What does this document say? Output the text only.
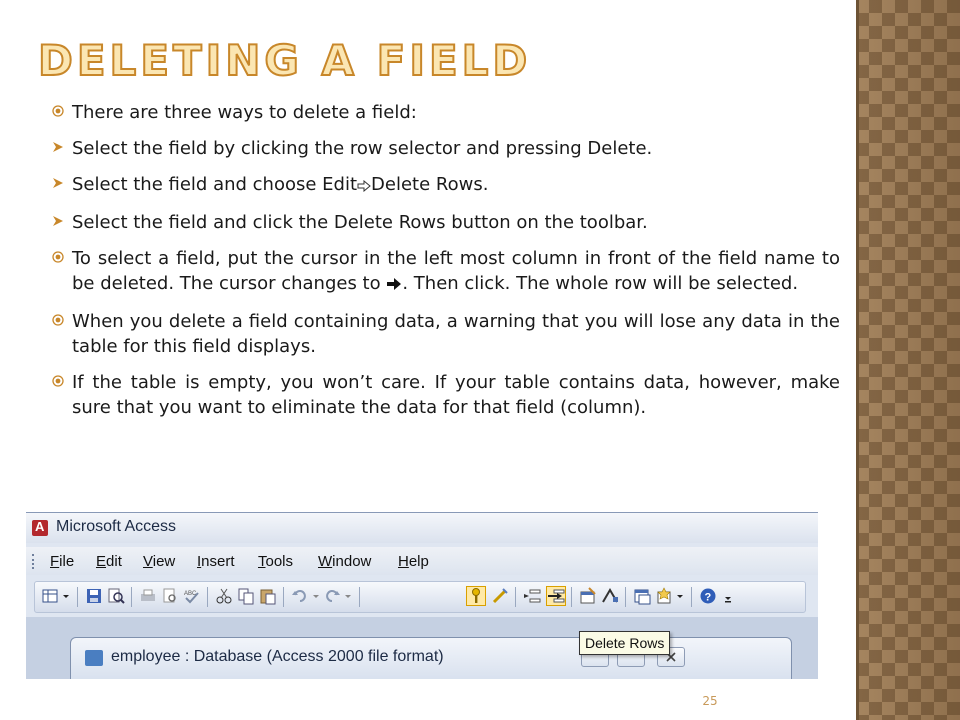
DELETING A FIELD
There are three ways to delete a field:
Select the field by clicking the row selector and pressing Delete.
Select the field and choose Edit Delete Rows.
Select the field and click the Delete Rows button on the toolbar.
To select a field, put the cursor in the left most column in front of the field name to be deleted. The cursor changes to . Then click. The whole row will be selected.
When you delete a field containing data, a warning that you will lose any data in the table for this field displays.
If the table is empty, you won’t care. If your table contains data, however, make sure that you want to eliminate the data for that field (column).
A
Microsoft Access
File Edit View Insert Tools Window Help
ABC	?
employee : Database (Access 2000 file format)
Delete Rows
25
